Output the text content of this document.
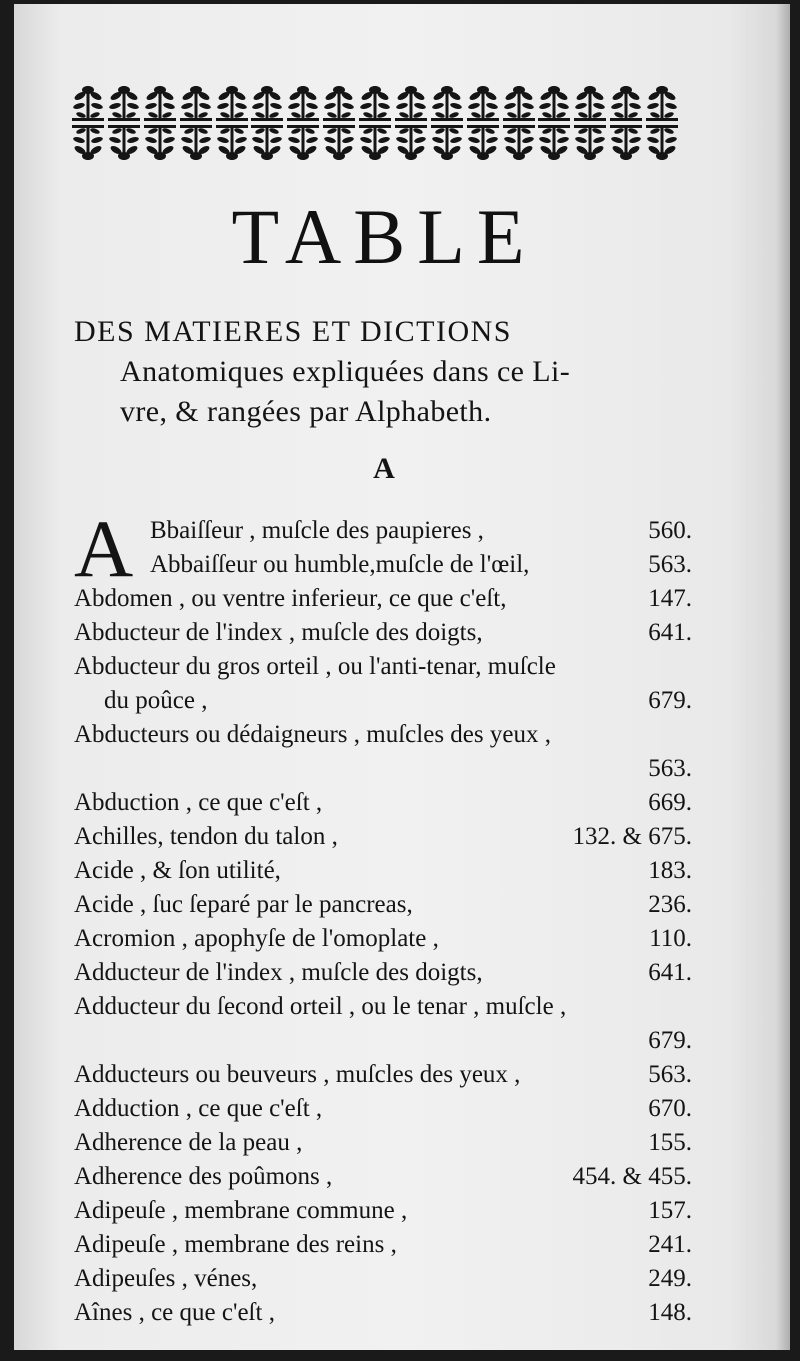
TABLE
DES MATIERES ET DICTIONS
Anatomiques expliquées dans ce Li-
vre, & rangées par Alphabeth.
A
A Bbaiſſeur , muſcle des paupieres ,	560.
Abbaiſſeur ou humble,muſcle de l'œil,	563.
Abdomen , ou ventre inferieur, ce que c'eſt,	147.
Abducteur de l'index , muſcle des doigts,	641.
Abducteur du gros orteil , ou l'anti-tenar, muſcle
du poûce ,	679.
Abducteurs ou dédaigneurs , muſcles des yeux ,
563.
Abduction , ce que c'eſt ,	669.
Achilles, tendon du talon ,	132. & 675.
Acide , & ſon utilité,	183.
Acide , ſuc ſeparé par le pancreas,	236.
Acromion , apophyſe de l'omoplate ,	110.
Adducteur de l'index , muſcle des doigts,	641.
Adducteur du ſecond orteil , ou le tenar , muſcle ,
679.
Adducteurs ou beuveurs , muſcles des yeux ,	563.
Adduction , ce que c'eſt ,	670.
Adherence de la peau ,	155.
Adherence des poûmons ,	454. & 455.
Adipeuſe , membrane commune ,	157.
Adipeuſe , membrane des reins ,	241.
Adipeuſes , vénes,	249.
Aînes , ce que c'eſt ,	148.
